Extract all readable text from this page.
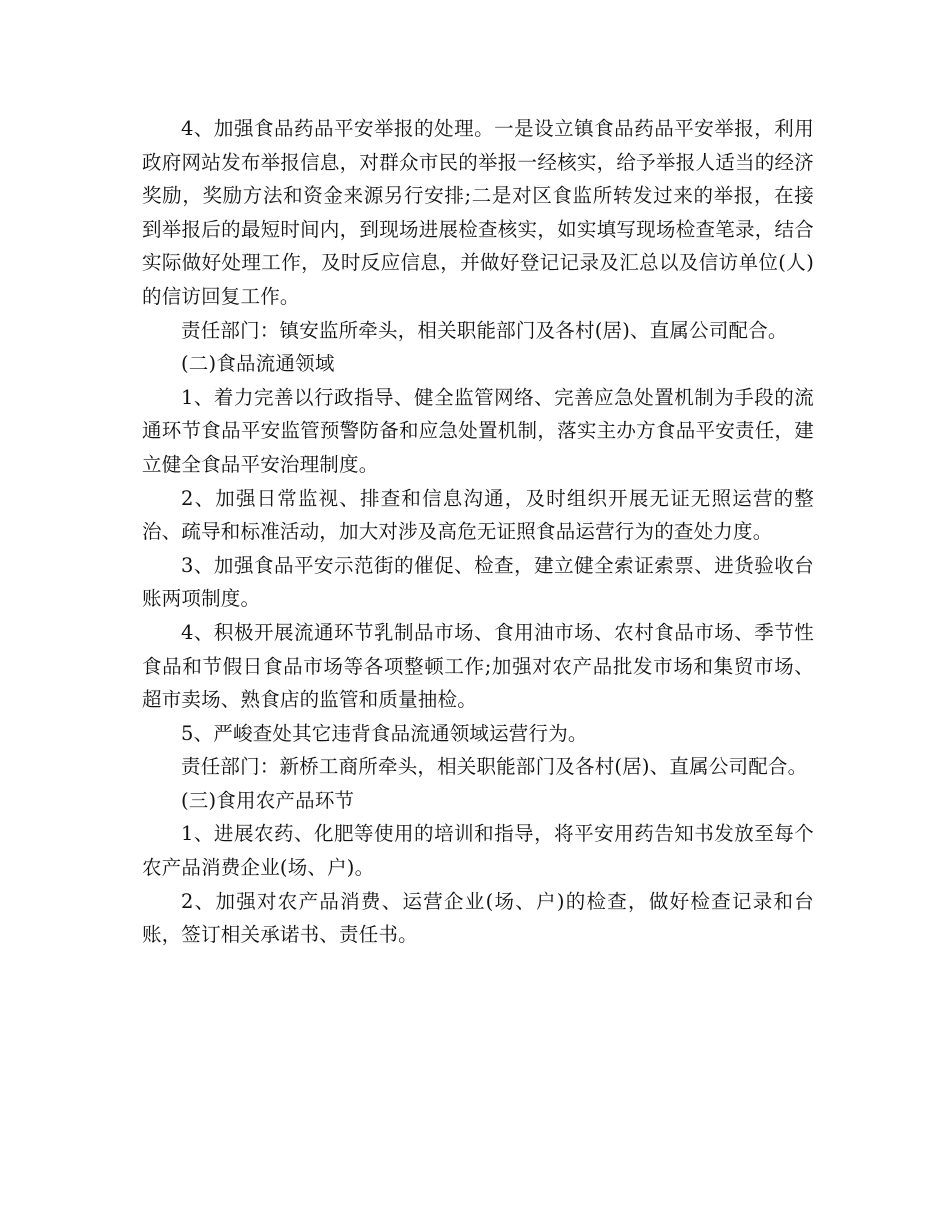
4、加强食品药品平安举报的处理。一是设立镇食品药品平安举报，利用政府网站发布举报信息，对群众市民的举报一经核实，给予举报人适当的经济奖励，奖励方法和资金来源另行安排;二是对区食监所转发过来的举报，在接到举报后的最短时间内，到现场进展检查核实，如实填写现场检查笔录，结合实际做好处理工作，及时反应信息，并做好登记记录及汇总以及信访单位(人)的信访回复工作。

责任部门：镇安监所牵头，相关职能部门及各村(居)、直属公司配合。

(二)食品流通领域

1、着力完善以行政指导、健全监管网络、完善应急处置机制为手段的流通环节食品平安监管预警防备和应急处置机制，落实主办方食品平安责任，建立健全食品平安治理制度。

2、加强日常监视、排查和信息沟通，及时组织开展无证无照运营的整治、疏导和标准活动，加大对涉及高危无证照食品运营行为的查处力度。

3、加强食品平安示范街的催促、检查，建立健全索证索票、进货验收台账两项制度。

4、积极开展流通环节乳制品市场、食用油市场、农村食品市场、季节性食品和节假日食品市场等各项整顿工作;加强对农产品批发市场和集贸市场、超市卖场、熟食店的监管和质量抽检。

5、严峻查处其它违背食品流通领域运营行为。

责任部门：新桥工商所牵头，相关职能部门及各村(居)、直属公司配合。

(三)食用农产品环节

1、进展农药、化肥等使用的培训和指导，将平安用药告知书发放至每个农产品消费企业(场、户)。

2、加强对农产品消费、运营企业(场、户)的检查，做好检查记录和台账，签订相关承诺书、责任书。
